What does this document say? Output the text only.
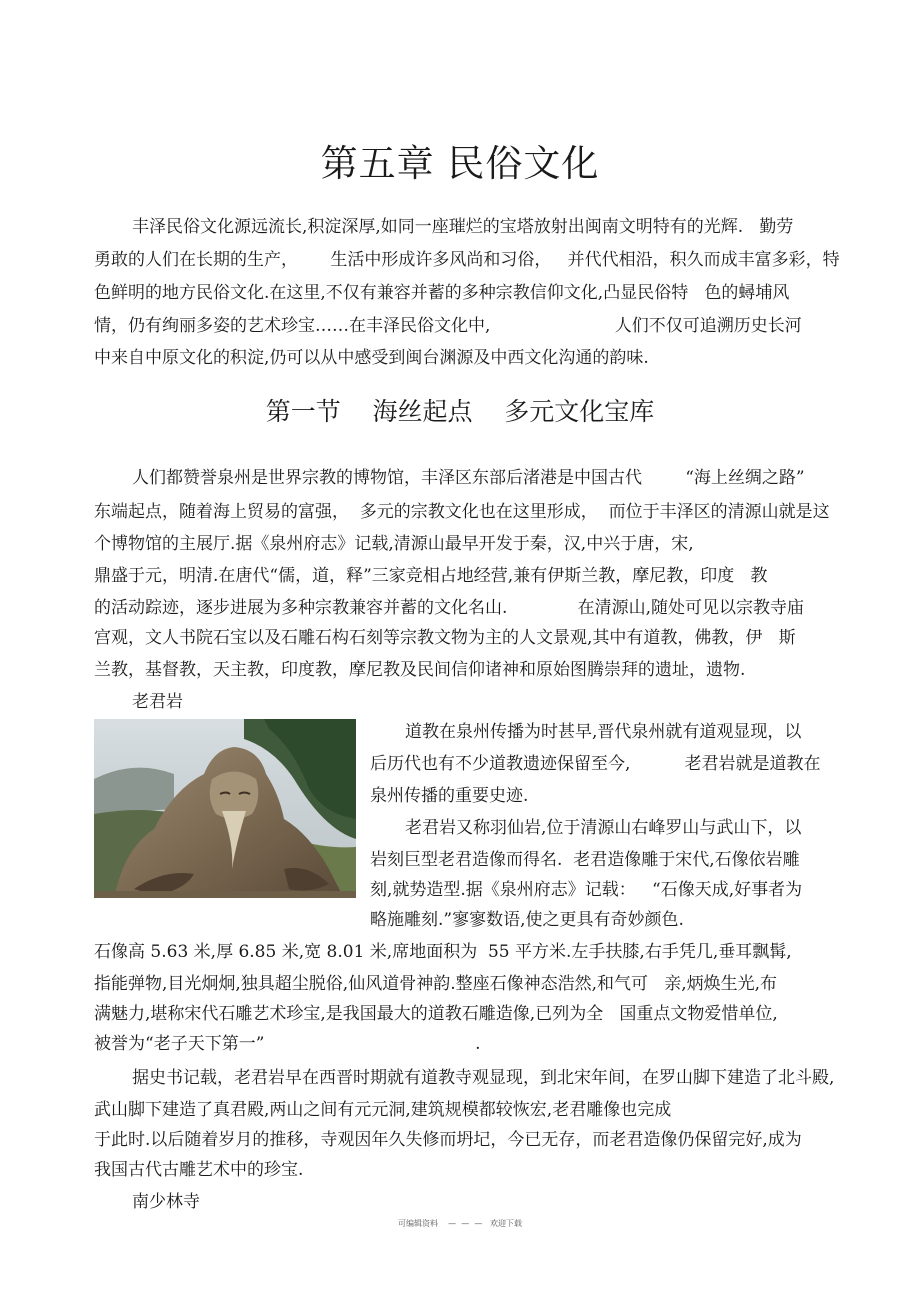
第五章 民俗文化

丰泽民俗文化源远流长,积淀深厚,如同一座璀烂的宝塔放射出闽南文明特有的光辉.   勤劳

勇敢的人们在长期的生产，      生活中形成许多风尚和习俗，   并代代相沿，积久而成丰富多彩，特

色鲜明的地方民俗文化.在这里,不仅有兼容并蓄的多种宗教信仰文化,凸显民俗特   色的蟳埔风

情，仍有绚丽多姿的艺术珍宝……在丰泽民俗文化中,                       人们不仅可追溯历史长河

中来自中原文化的积淀,仍可以从中感受到闽台渊源及中西文化沟通的韵味.

第一节    海丝起点    多元文化宝库

人们都赞誉泉州是世界宗教的博物馆，丰泽区东部后渚港是中国古代        “海上丝绸之路”

东端起点，随着海上贸易的富强，  多元的宗教文化也在这里形成，  而位于丰泽区的清源山就是这

个博物馆的主展厅.据《泉州府志》记载,清源山最早开发于秦，汉,中兴于唐，宋,

鼎盛于元，明清.在唐代“儒，道，释”三家竞相占地经营,兼有伊斯兰教，摩尼教，印度   教

的活动踪迹，逐步进展为多种宗教兼容并蓄的文化名山.             在清源山,随处可见以宗教寺庙

宫观，文人书院石宝以及石雕石构石刻等宗教文物为主的人文景观,其中有道教，佛教，伊   斯

兰教，基督教，天主教，印度教，摩尼教及民间信仰诸神和原始图腾崇拜的遗址，遗物.

老君岩

道教在泉州传播为时甚早,晋代泉州就有道观显现，以

后历代也有不少道教遗迹保留至今,          老君岩就是道教在

泉州传播的重要史迹.

老君岩又称羽仙岩,位于清源山右峰罗山与武山下，以

岩刻巨型老君造像而得名.  老君造像雕于宋代,石像依岩雕

刻,就势造型.据《泉州府志》记载：   “石像天成,好事者为

略施雕刻.”寥寥数语,使之更具有奇妙颜色.

石像高 5.63 米,厚 6.85 米,宽 8.01 米,席地面积为  55 平方米.左手扶膝,右手凭几,垂耳飘髯,

指能弹物,目光炯炯,独具超尘脱俗,仙风道骨神韵.整座石像神态浩然,和气可   亲,炳焕生光,布

满魅力,堪称宋代石雕艺术珍宝,是我国最大的道教石雕造像,已列为全   国重点文物爱惜单位,

被誉为“老子天下第一”                                       .

据史书记载，老君岩早在西晋时期就有道教寺观显现，到北宋年间，在罗山脚下建造了北斗殿,

武山脚下建造了真君殿,两山之间有元元洞,建筑规模都较恢宏,老君雕像也完成

于此时.以后随着岁月的推移，寺观因年久失修而坍圮，今已无存，而老君造像仍保留完好,成为

我国古代古雕艺术中的珍宝.

南少林寺

可编辑资料    —  —  —   欢迎下载
